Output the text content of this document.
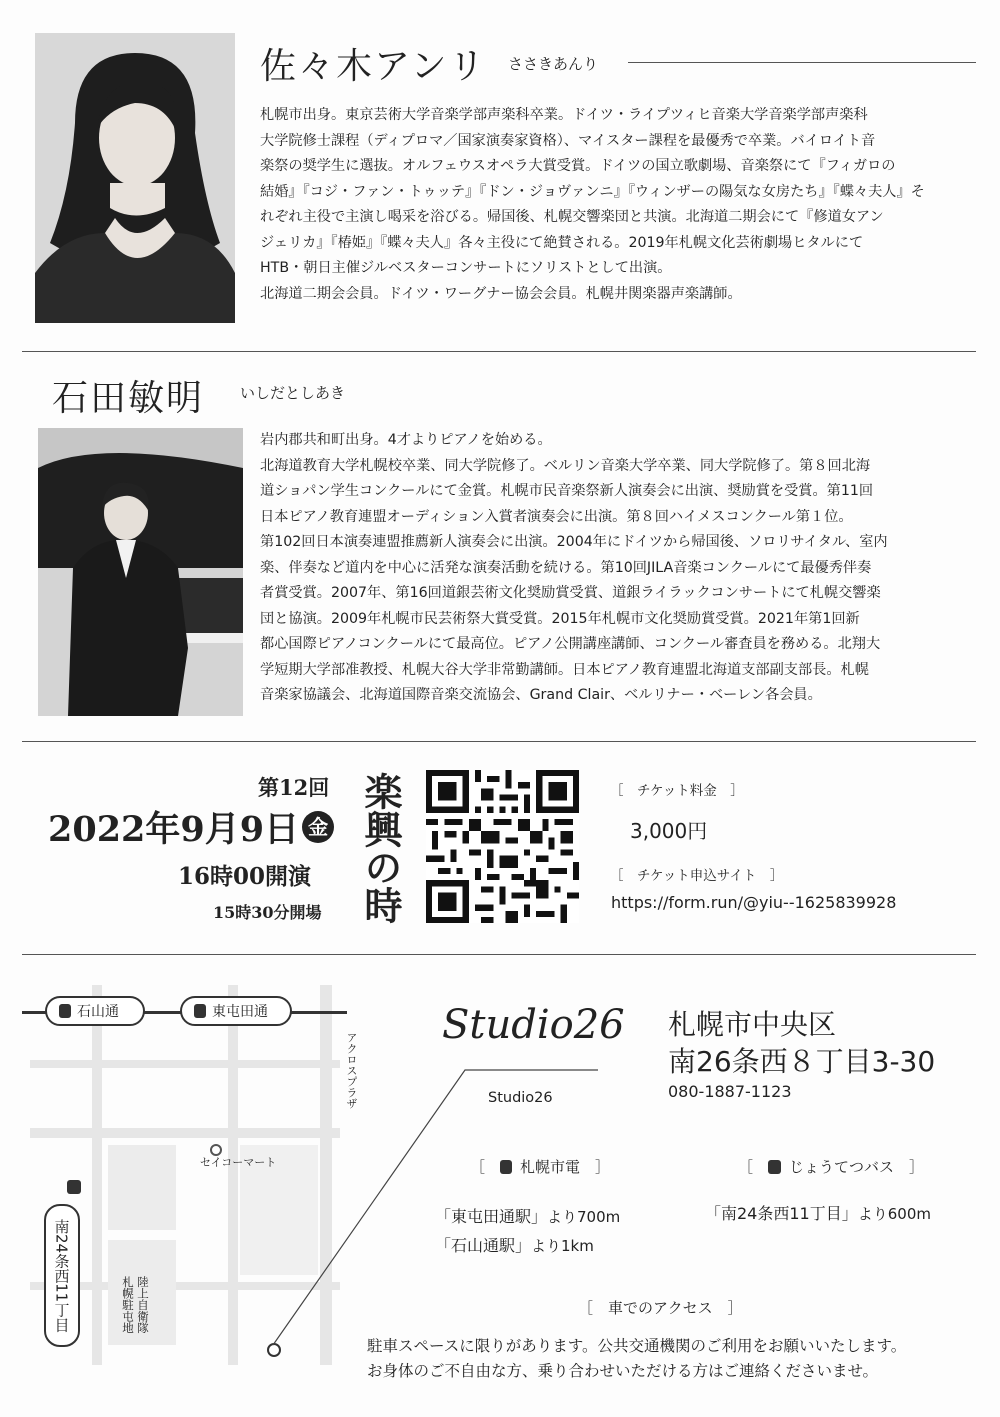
佐々木アンリ ささきあんり
札幌市出身。東京芸術大学音楽学部声楽科卒業。ドイツ・ライプツィヒ音楽大学音楽学部声楽科
大学院修士課程（ディプロマ／国家演奏家資格）、マイスター課程を最優秀で卒業。バイロイト音
楽祭の奨学生に選抜。オルフェウスオペラ大賞受賞。ドイツの国立歌劇場、音楽祭にて『フィガロの
結婚』『コジ・ファン・トゥッテ』『ドン・ジョヴァンニ』『ウィンザーの陽気な女房たち』『蝶々夫人』そ
れぞれ主役で主演し喝采を浴びる。帰国後、札幌交響楽団と共演。北海道二期会にて『修道女アン
ジェリカ』『椿姫』『蝶々夫人』各々主役にて絶賛される。2019年札幌文化芸術劇場ヒタルにて
HTB・朝日主催ジルベスターコンサートにソリストとして出演。
北海道二期会会員。ドイツ・ワーグナー協会会員。札幌井関楽器声楽講師。
石田敏明 いしだとしあき
岩内郡共和町出身。4才よりピアノを始める。
北海道教育大学札幌校卒業、同大学院修了。ベルリン音楽大学卒業、同大学院修了。第８回北海
道ショパン学生コンクールにて金賞。札幌市民音楽祭新人演奏会に出演、奨励賞を受賞。第11回
日本ピアノ教育連盟オーディション入賞者演奏会に出演。第８回ハイメスコンクール第１位。
第102回日本演奏連盟推薦新人演奏会に出演。2004年にドイツから帰国後、ソロリサイタル、室内
楽、伴奏など道内を中心に活発な演奏活動を続ける。第10回JILA音楽コンクールにて最優秀伴奏
者賞受賞。2007年、第16回道銀芸術文化奨励賞受賞、道銀ライラックコンサートにて札幌交響楽
団と協演。2009年札幌市民芸術祭大賞受賞。2015年札幌市文化奨励賞受賞。2021年第1回新
都心国際ピアノコンクールにて最高位。ピアノ公開講座講師、コンクール審査員を務める。北翔大
学短期大学部准教授、札幌大谷大学非常勤講師。日本ピアノ教育連盟北海道支部副支部長。札幌
音楽家協議会、北海道国際音楽交流協会、Grand Clair、ベルリナー・ベーレン各会員。
第12回
2022年9月9日 金
16時00開演
15時30分開場 楽興の時	［　チケット料金　］
3,000円
［　チケット申込サイト　］
https://form.run/@yiu--1625839928
石山通	東屯田通
アクロスプラザ
セイコーマート
南24条西11丁目	陸上自衛隊札幌駐屯地
Studio26
Studio26
札幌市中央区
南26条西８丁目3-30
080-1887-1123
［　 札幌市電 　］
「東屯田通駅」より700m
「石山通駅」より1km
［　 じょうてつバス 　］
「南24条西11丁目」より600m
［　車でのアクセス　］
駐車スペースに限りがあります。公共交通機関のご利用をお願いいたします。
お身体のご不自由な方、乗り合わせいただける方はご連絡くださいませ。
